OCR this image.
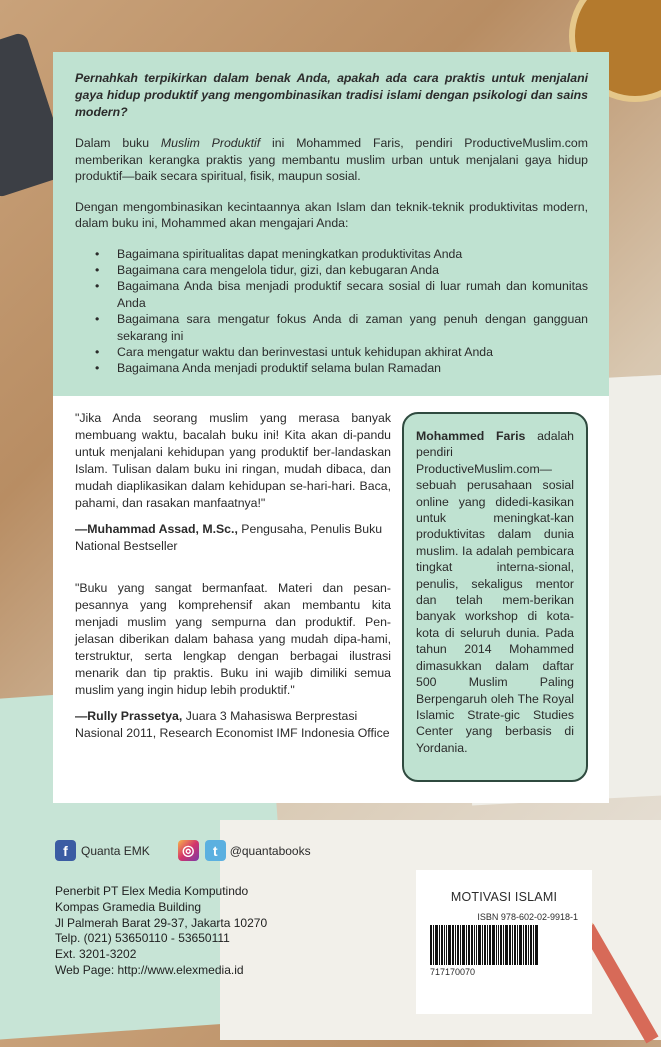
Pernahkah terpikirkan dalam benak Anda, apakah ada cara praktis untuk menjalani gaya hidup produktif yang mengombinasikan tradisi islami dengan psikologi dan sains modern?

Dalam buku Muslim Produktif ini Mohammed Faris, pendiri ProductiveMuslim.com memberikan kerangka praktis yang membantu muslim urban untuk menjalani gaya hidup produktif—baik secara spiritual, fisik, maupun sosial.

Dengan mengombinasikan kecintaannya akan Islam dan teknik-teknik produktivitas modern, dalam buku ini, Mohammed akan mengajari Anda:

• Bagaimana spiritualitas dapat meningkatkan produktivitas Anda
• Bagaimana cara mengelola tidur, gizi, dan kebugaran Anda
• Bagaimana Anda bisa menjadi produktif secara sosial di luar rumah dan komunitas Anda
• Bagaimana sara mengatur fokus Anda di zaman yang penuh dengan gangguan sekarang ini
• Cara mengatur waktu dan berinvestasi untuk kehidupan akhirat Anda
• Bagaimana Anda menjadi produktif selama bulan Ramadan

"Jika Anda seorang muslim yang merasa banyak membuang waktu, bacalah buku ini! Kita akan di-pandu untuk menjalani kehidupan yang produktif ber-landaskan Islam. Tulisan dalam buku ini ringan, mudah dibaca, dan mudah diaplikasikan dalam kehidupan se-hari-hari. Baca, pahami, dan rasakan manfaatnya!"

—Muhammad Assad, M.Sc., Pengusaha, Penulis Buku National Bestseller

"Buku yang sangat bermanfaat. Materi dan pesan-pesannya yang komprehensif akan membantu kita menjadi muslim yang sempurna dan produktif. Pen-jelasan diberikan dalam bahasa yang mudah dipa-hami, terstruktur, serta lengkap dengan berbagai ilustrasi menarik dan tip praktis. Buku ini wajib dimiliki semua muslim yang ingin hidup lebih produktif."

—Rully Prassetya, Juara 3 Mahasiswa Berprestasi Nasional 2011, Research Economist IMF Indonesia Office

Mohammed Faris adalah pendiri ProductiveMuslim.com—sebuah perusahaan sosial online yang didedi-kasikan untuk meningkat-kan produktivitas dalam dunia muslim. Ia adalah pembicara tingkat interna-sional, penulis, sekaligus mentor dan telah mem-berikan banyak workshop di kota-kota di seluruh dunia. Pada tahun 2014 Mohammed dimasukkan dalam daftar 500 Muslim Paling Berpengaruh oleh The Royal Islamic Strate-gic Studies Center yang berbasis di Yordania.
f	Quanta EMK	◎	t	@quantabooks
Penerbit PT Elex Media Komputindo
Kompas Gramedia Building
Jl Palmerah Barat 29-37, Jakarta 10270
Telp. (021) 53650110 - 53650111
Ext. 3201-3202
Web Page: http://www.elexmedia.id
MOTIVASI ISLAMI
ISBN 978-602-02-9918-1
717170070
